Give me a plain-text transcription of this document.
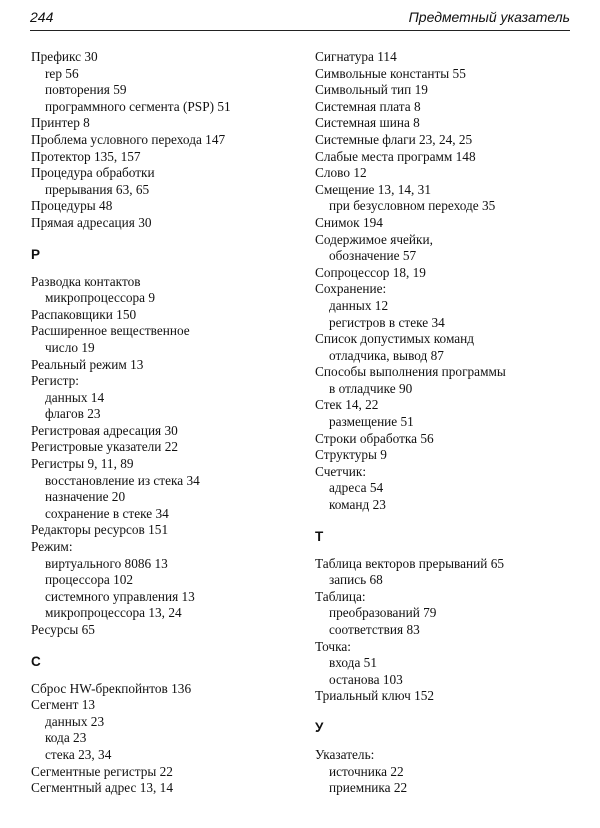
244	Предметный указатель
Префикс 30
rep 56
повторения 59
программного сегмента (PSP) 51
Принтер 8
Проблема условного перехода 147
Протектор 135, 157
Процедура обработки
прерывания 63, 65
Процедуры 48
Прямая адресация 30
Р
Разводка контактов
микропроцессора 9
Распаковщики 150
Расширенное вещественное
число 19
Реальный режим 13
Регистр:
данных 14
флагов 23
Регистровая адресация 30
Регистровые указатели 22
Регистры 9, 11, 89
восстановление из стека 34
назначение 20
сохранение в стеке 34
Редакторы ресурсов 151
Режим:
виртуального 8086 13
процессора 102
системного управления 13
микропроцессора 13, 24
Ресурсы 65
С
Сброс HW-брекпойнтов 136
Сегмент 13
данных 23
кода 23
стека 23, 34
Сегментные регистры 22
Сегментный адрес 13, 14
Сигнатура 114
Символьные константы 55
Символьный тип 19
Системная плата 8
Системная шина 8
Системные флаги 23, 24, 25
Слабые места программ 148
Слово 12
Смещение 13, 14, 31
при безусловном переходе 35
Снимок 194
Содержимое ячейки,
обозначение 57
Сопроцессор 18, 19
Сохранение:
данных 12
регистров в стеке 34
Список допустимых команд
отладчика, вывод 87
Способы выполнения программы
в отладчике 90
Стек 14, 22
размещение 51
Строки обработка 56
Структуры 9
Счетчик:
адреса 54
команд 23
Т
Таблица векторов прерываний 65
запись 68
Таблица:
преобразований 79
соответствия 83
Точка:
входа 51
останова 103
Триальный ключ 152
У
Указатель:
источника 22
приемника 22
